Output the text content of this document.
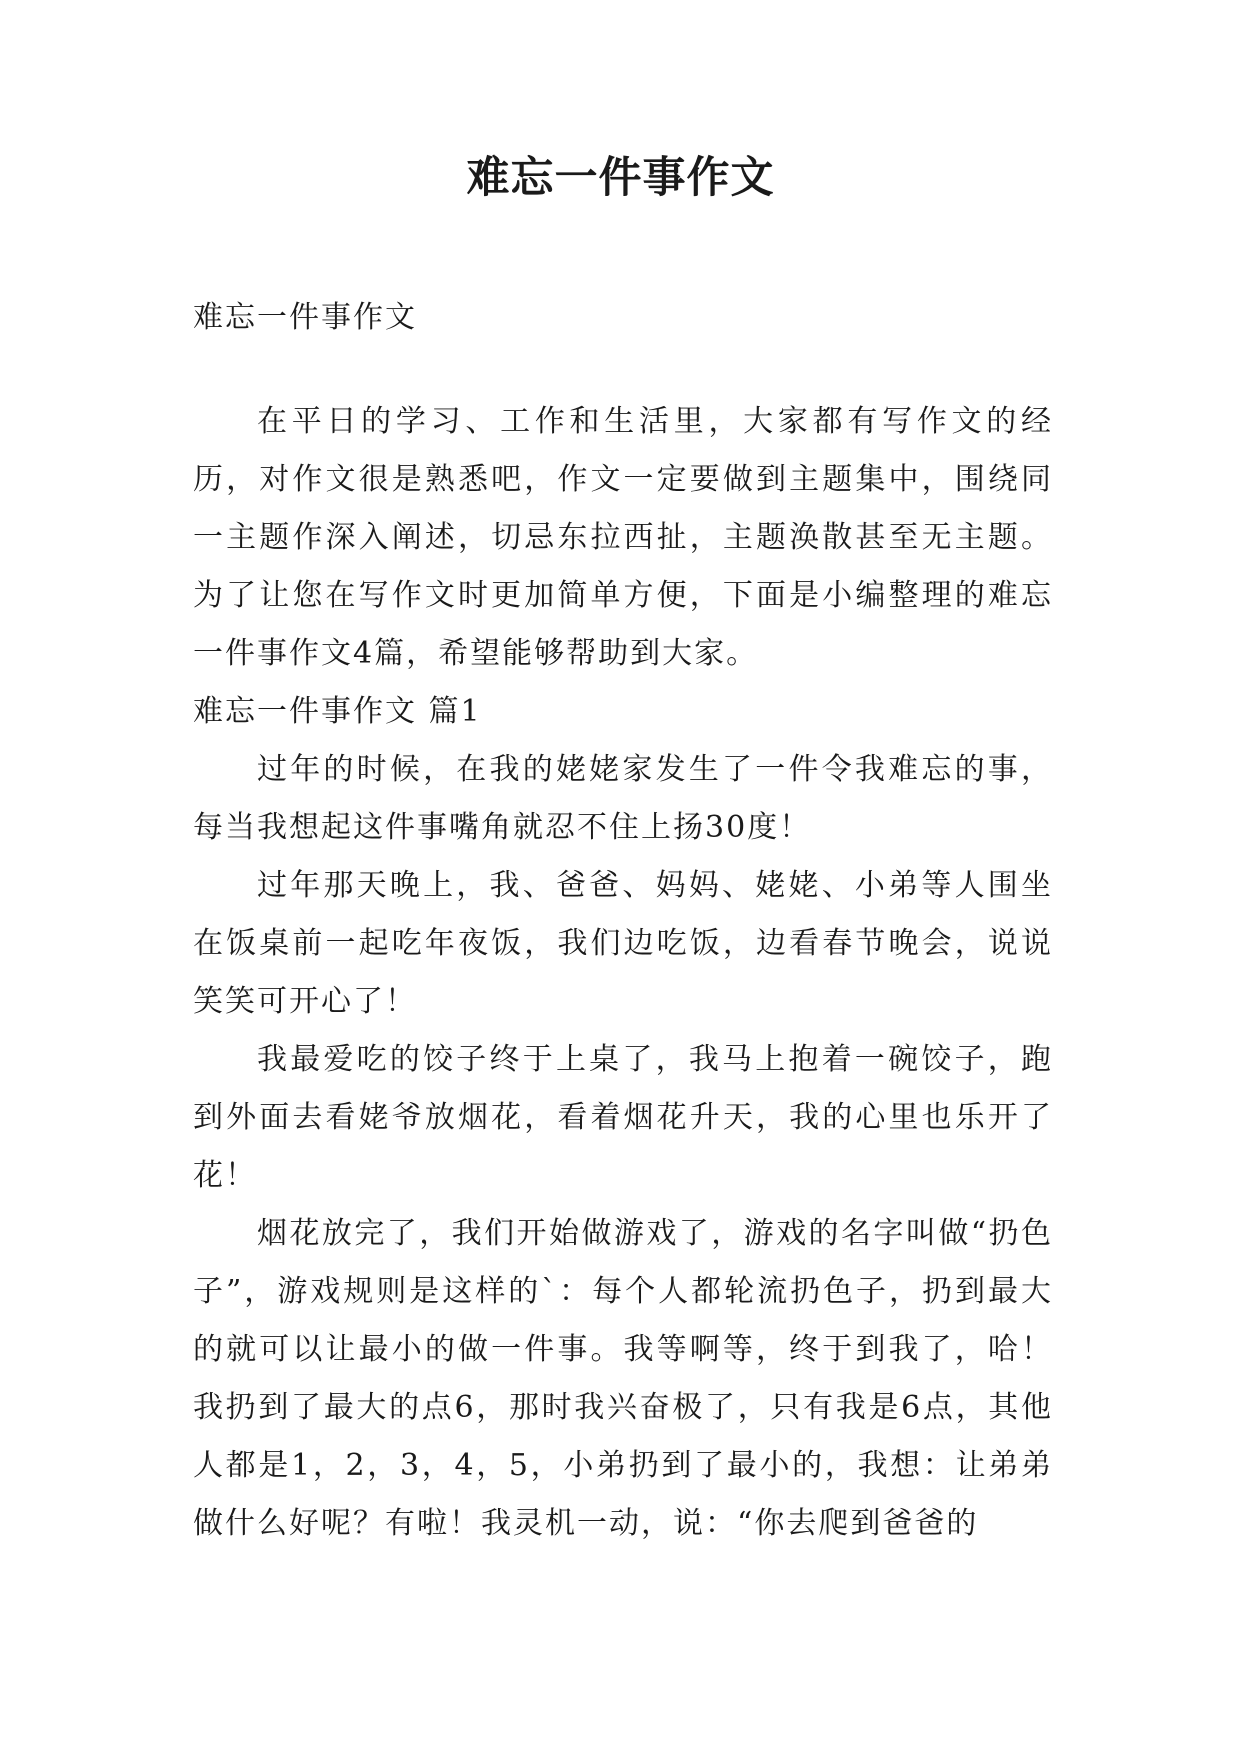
难忘一件事作文

难忘一件事作文

在平日的学习、工作和生活里，大家都有写作文的经历，对作文很是熟悉吧，作文一定要做到主题集中，围绕同一主题作深入阐述，切忌东拉西扯，主题涣散甚至无主题。为了让您在写作文时更加简单方便，下面是小编整理的难忘一件事作文4篇，希望能够帮助到大家。

难忘一件事作文 篇1

过年的时候，在我的姥姥家发生了一件令我难忘的事，每当我想起这件事嘴角就忍不住上扬30度！

过年那天晚上，我、爸爸、妈妈、姥姥、小弟等人围坐在饭桌前一起吃年夜饭，我们边吃饭，边看春节晚会，说说笑笑可开心了！

我最爱吃的饺子终于上桌了，我马上抱着一碗饺子，跑到外面去看姥爷放烟花，看着烟花升天，我的心里也乐开了花！

烟花放完了，我们开始做游戏了，游戏的名字叫做“扔色子”，游戏规则是这样的`：每个人都轮流扔色子，扔到最大的就可以让最小的做一件事。我等啊等，终于到我了，哈！我扔到了最大的点6，那时我兴奋极了，只有我是6点，其他人都是1，2，3，4，5，小弟扔到了最小的，我想：让弟弟做什么好呢？有啦！我灵机一动，说：“你去爬到爸爸的
